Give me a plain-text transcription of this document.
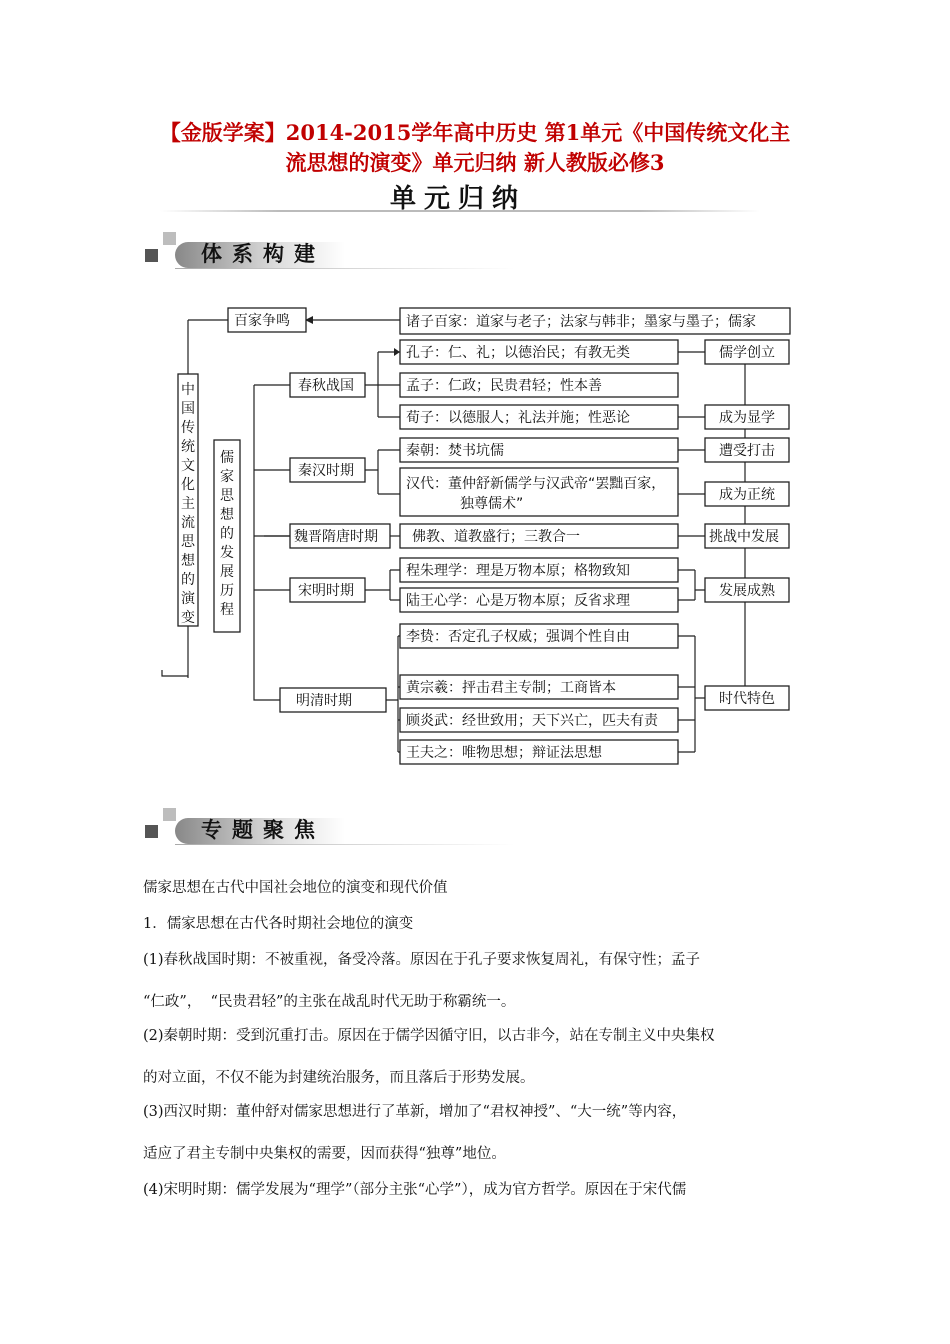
【金版学案】2014-2015学年高中历史 第1单元《中国传统文化主
流思想的演变》单元归纳 新人教版必修3
单元归纳
体系构建
中国传统文化主流思想的演变
儒家思想的发展历程
百家争鸣	诸子百家：道家与老子；法家与韩非；墨家与墨子；儒家
春秋战国
秦汉时期
魏晋隋唐时期
宋明时期
明清时期
孔子：仁、礼；以德治民；有教无类
孟子：仁政；民贵君轻；性本善
荀子：以德服人；礼法并施；性恶论
秦朝：焚书坑儒
汉代：董仲舒新儒学与汉武帝“罢黜百家，
独尊儒术”
佛教、道教盛行；三教合一
程朱理学：理是万物本原；格物致知
陆王心学：心是万物本原；反省求理
李贽：否定孔子权威；强调个性自由
黄宗羲：抨击君主专制；工商皆本
顾炎武：经世致用；天下兴亡，匹夫有责
王夫之：唯物思想；辩证法思想
儒学创立
成为显学
遭受打击
成为正统
挑战中发展
发展成熟
时代特色
专题聚焦
儒家思想在古代中国社会地位的演变和现代价值
1．儒家思想在古代各时期社会地位的演变
(1)春秋战国时期：不被重视，备受冷落。原因在于孔子要求恢复周礼，有保守性；孟子
“仁政”，  “民贵君轻”的主张在战乱时代无助于称霸统一。
(2)秦朝时期：受到沉重打击。原因在于儒学因循守旧，以古非今，站在专制主义中央集权
的对立面，不仅不能为封建统治服务，而且落后于形势发展。
(3)西汉时期：董仲舒对儒家思想进行了革新，增加了“君权神授”、“大一统”等内容，
适应了君主专制中央集权的需要，因而获得“独尊”地位。
(4)宋明时期：儒学发展为“理学”（部分主张“心学”），成为官方哲学。原因在于宋代儒
